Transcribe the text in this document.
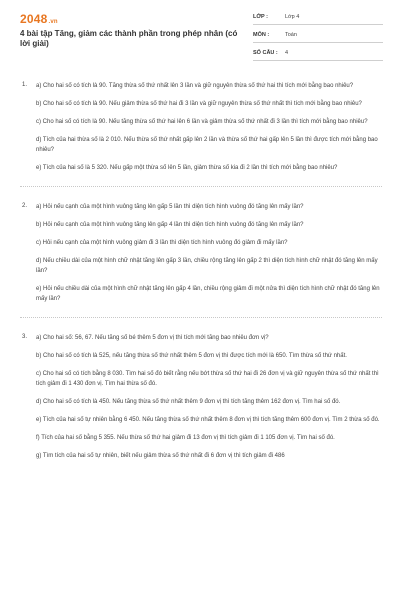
2048.vn
4 bài tập Tăng, giảm các thành phần trong phép nhân (có lời giải)
LỚP :	Lớp 4
MÔN :	Toán
SỐ CÂU : 4
1. a) Cho hai số có tích là 90. Tăng thừa số thứ nhất lên 3 lần và giữ nguyên thừa số thứ hai thì tích mới bằng bao nhiêu?

b) Cho hai số có tích là 90. Nếu giảm thừa số thứ hai đi 3 lần và giữ nguyên thừa số thứ nhất thì tích mới bằng bao nhiêu?

c) Cho hai số có tích là 90. Nếu tăng thừa số thứ hai lên 6 lần và giảm thừa số thứ nhất đi 3 lần thì tích mới bằng bao nhiêu?

d) Tích của hai thừa số là 2 010. Nếu thừa số thứ nhất gấp lên 2 lần và thừa số thứ hai gấp lên 5 lần thì được tích mới bằng bao nhiêu?

e) Tích của hai số là 5 320. Nếu gấp một thừa số lên 5 lần, giảm thừa số kia đi 2 lần thì tích mới bằng bao nhiêu?

2. a) Hỏi nếu cạnh của một hình vuông tăng lên gấp 5 lần thì diện tích hình vuông đó tăng lên mấy lần?

b) Hỏi nếu cạnh của một hình vuông tăng lên gấp 4 lần thì diện tích hình vuông đó tăng lên mấy lần?

c) Hỏi nếu cạnh của một hình vuông giảm đi 3 lần thì diện tích hình vuông đó giảm đi mấy lần?

d) Nếu chiều dài của một hình chữ nhật tăng lên gấp 3 lần, chiều rộng tăng lên gấp 2 thì diện tích hình chữ nhật đó tăng lên mấy lần?

e) Hỏi nếu chiều dài của một hình chữ nhật tăng lên gấp 4 lần, chiều rộng giảm đi một nửa thì diện tích hình chữ nhật đó tăng lên mấy lần?

3. a) Cho hai số: 56, 67. Nếu tăng số bé thêm 5 đơn vị thì tích mới tăng bao nhiêu đơn vị?

b) Cho hai số có tích là 525, nếu tăng thừa số thứ nhất thêm 5 đơn vị thì được tích mới là 650. Tìm thừa số thứ nhất.

c) Cho hai số có tích bằng 8 030. Tìm hai số đó biết rằng nếu bớt thừa số thứ hai đi 26 đơn vị và giữ nguyên thừa số thứ nhất thì tích giảm đi 1 430 đơn vị. Tìm hai thừa số đó.

d) Cho hai số có tích là 450. Nếu tăng thừa số thứ nhất thêm 9 đơn vị thì tích tăng thêm 162 đơn vị. Tìm hai số đó.

e) Tích của hai số tự nhiên bằng 6 450. Nếu tăng thừa số thứ nhất thêm 8 đơn vị thì tích tăng thêm 600 đơn vị. Tìm 2 thừa số đó.

f) Tích của hai số bằng 5 355. Nếu thừa số thứ hai giảm đi 13 đơn vị thì tích giảm đi 1 105 đơn vị. Tìm hai số đó.

g) Tìm tích của hai số tự nhiên, biết nếu giảm thừa số thứ nhất đi 6 đơn vị thì tích giảm đi 486
